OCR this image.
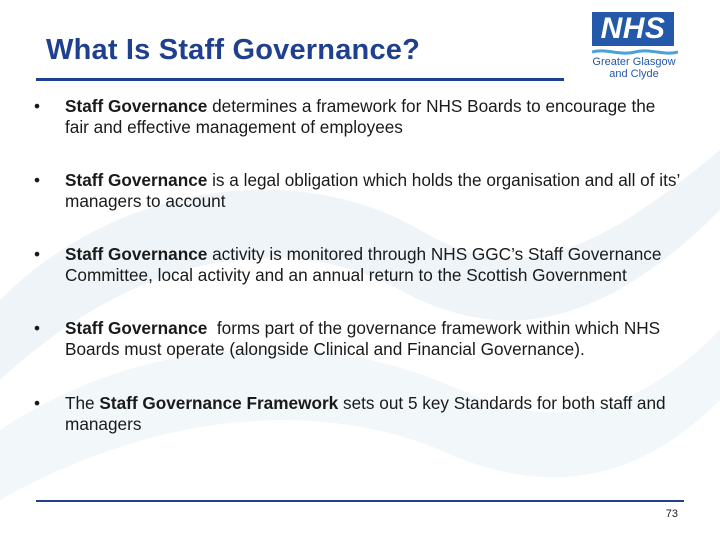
What Is Staff Governance?
NHS
Greater Glasgow
and Clyde
• Staff Governance determines a framework for NHS Boards to encourage the fair and effective management of employees
• Staff Governance is a legal obligation which holds the organisation and all of its’ managers to account
• Staff Governance activity is monitored through NHS GGC’s Staff Governance Committee, local activity and an annual return to the Scottish Government
• Staff Governance  forms part of the governance framework within which NHS Boards must operate (alongside Clinical and Financial Governance).
• The Staff Governance Framework sets out 5 key Standards for both staff and managers
73
